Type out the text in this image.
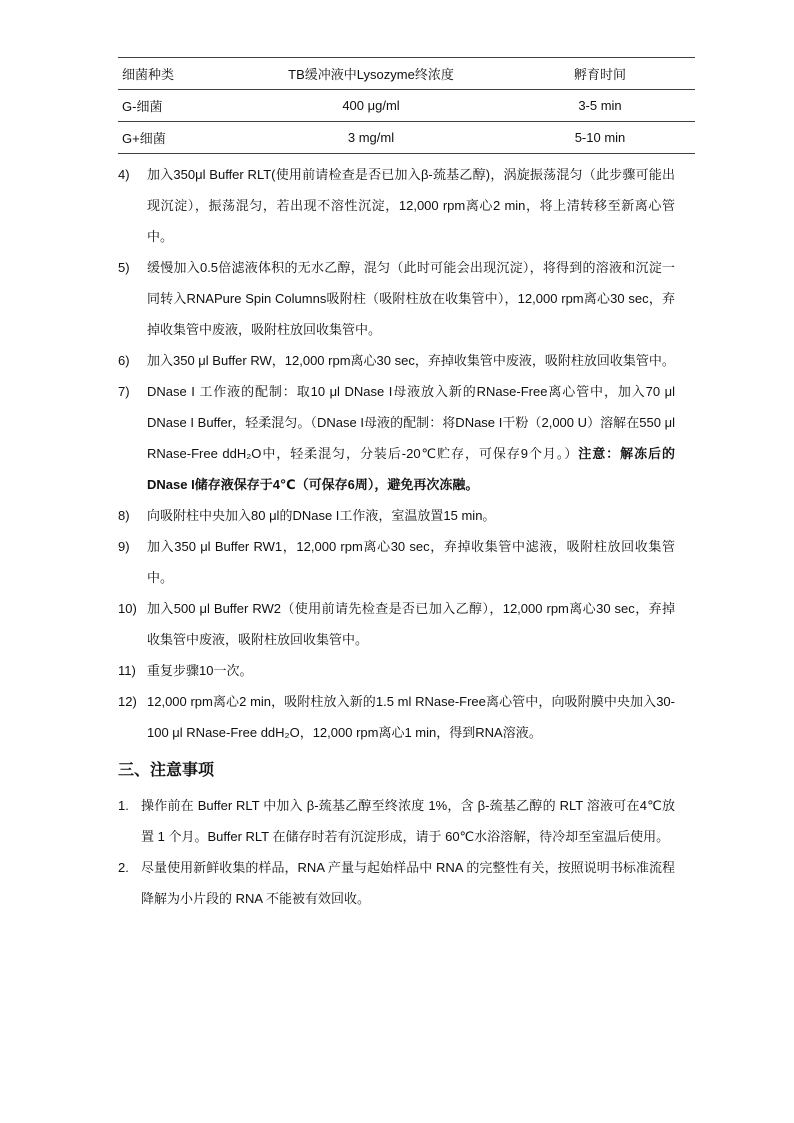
细菌种类	TB缓冲液中Lysozyme终浓度	孵育时间
G-细菌	400 μg/ml	3-5 min
G+细菌	3 mg/ml	5-10 min
4) 加入350μl Buffer RLT(使用前请检查是否已加入β-巯基乙醇)，涡旋振荡混匀（此步骤可能出现沉淀），振荡混匀，若出现不溶性沉淀，12,000 rpm离心2 min，将上清转移至新离心管中。
5) 缓慢加入0.5倍滤液体积的无水乙醇，混匀（此时可能会出现沉淀），将得到的溶液和沉淀一同转入RNAPure Spin Columns吸附柱（吸附柱放在收集管中），12,000 rpm离心30 sec，弃掉收集管中废液，吸附柱放回收集管中。
6) 加入350 μl Buffer RW，12,000 rpm离心30 sec，弃掉收集管中废液，吸附柱放回收集管中。
7) DNase I 工作液的配制：取10 μl DNase I母液放入新的RNase-Free离心管中，加入70 μl DNase I Buffer，轻柔混匀。（DNase I母液的配制：将DNase I干粉（2,000 U）溶解在550 μl RNase-Free ddH₂O中，轻柔混匀，分装后-20℃贮存，可保存9个月。）注意：解冻后的DNase I储存液保存于4℃（可保存6周），避免再次冻融。
8) 向吸附柱中央加入80 μl的DNase I工作液，室温放置15 min。
9) 加入350 μl Buffer RW1，12,000 rpm离心30 sec，弃掉收集管中滤液，吸附柱放回收集管中。
10) 加入500 μl Buffer RW2（使用前请先检查是否已加入乙醇），12,000 rpm离心30 sec，弃掉收集管中废液，吸附柱放回收集管中。
11) 重复步骤10一次。
12) 12,000 rpm离心2 min，吸附柱放入新的1.5 ml RNase-Free离心管中，向吸附膜中央加入30-100 μl RNase-Free ddH₂O，12,000 rpm离心1 min，得到RNA溶液。
三、注意事项
1. 操作前在 Buffer RLT 中加入 β-巯基乙醇至终浓度 1%，含 β-巯基乙醇的 RLT 溶液可在4℃放置 1 个月。Buffer RLT 在储存时若有沉淀形成，请于 60℃水浴溶解，待冷却至室温后使用。
2. 尽量使用新鲜收集的样品，RNA 产量与起始样品中 RNA 的完整性有关，按照说明书标准流程降解为小片段的 RNA 不能被有效回收。
